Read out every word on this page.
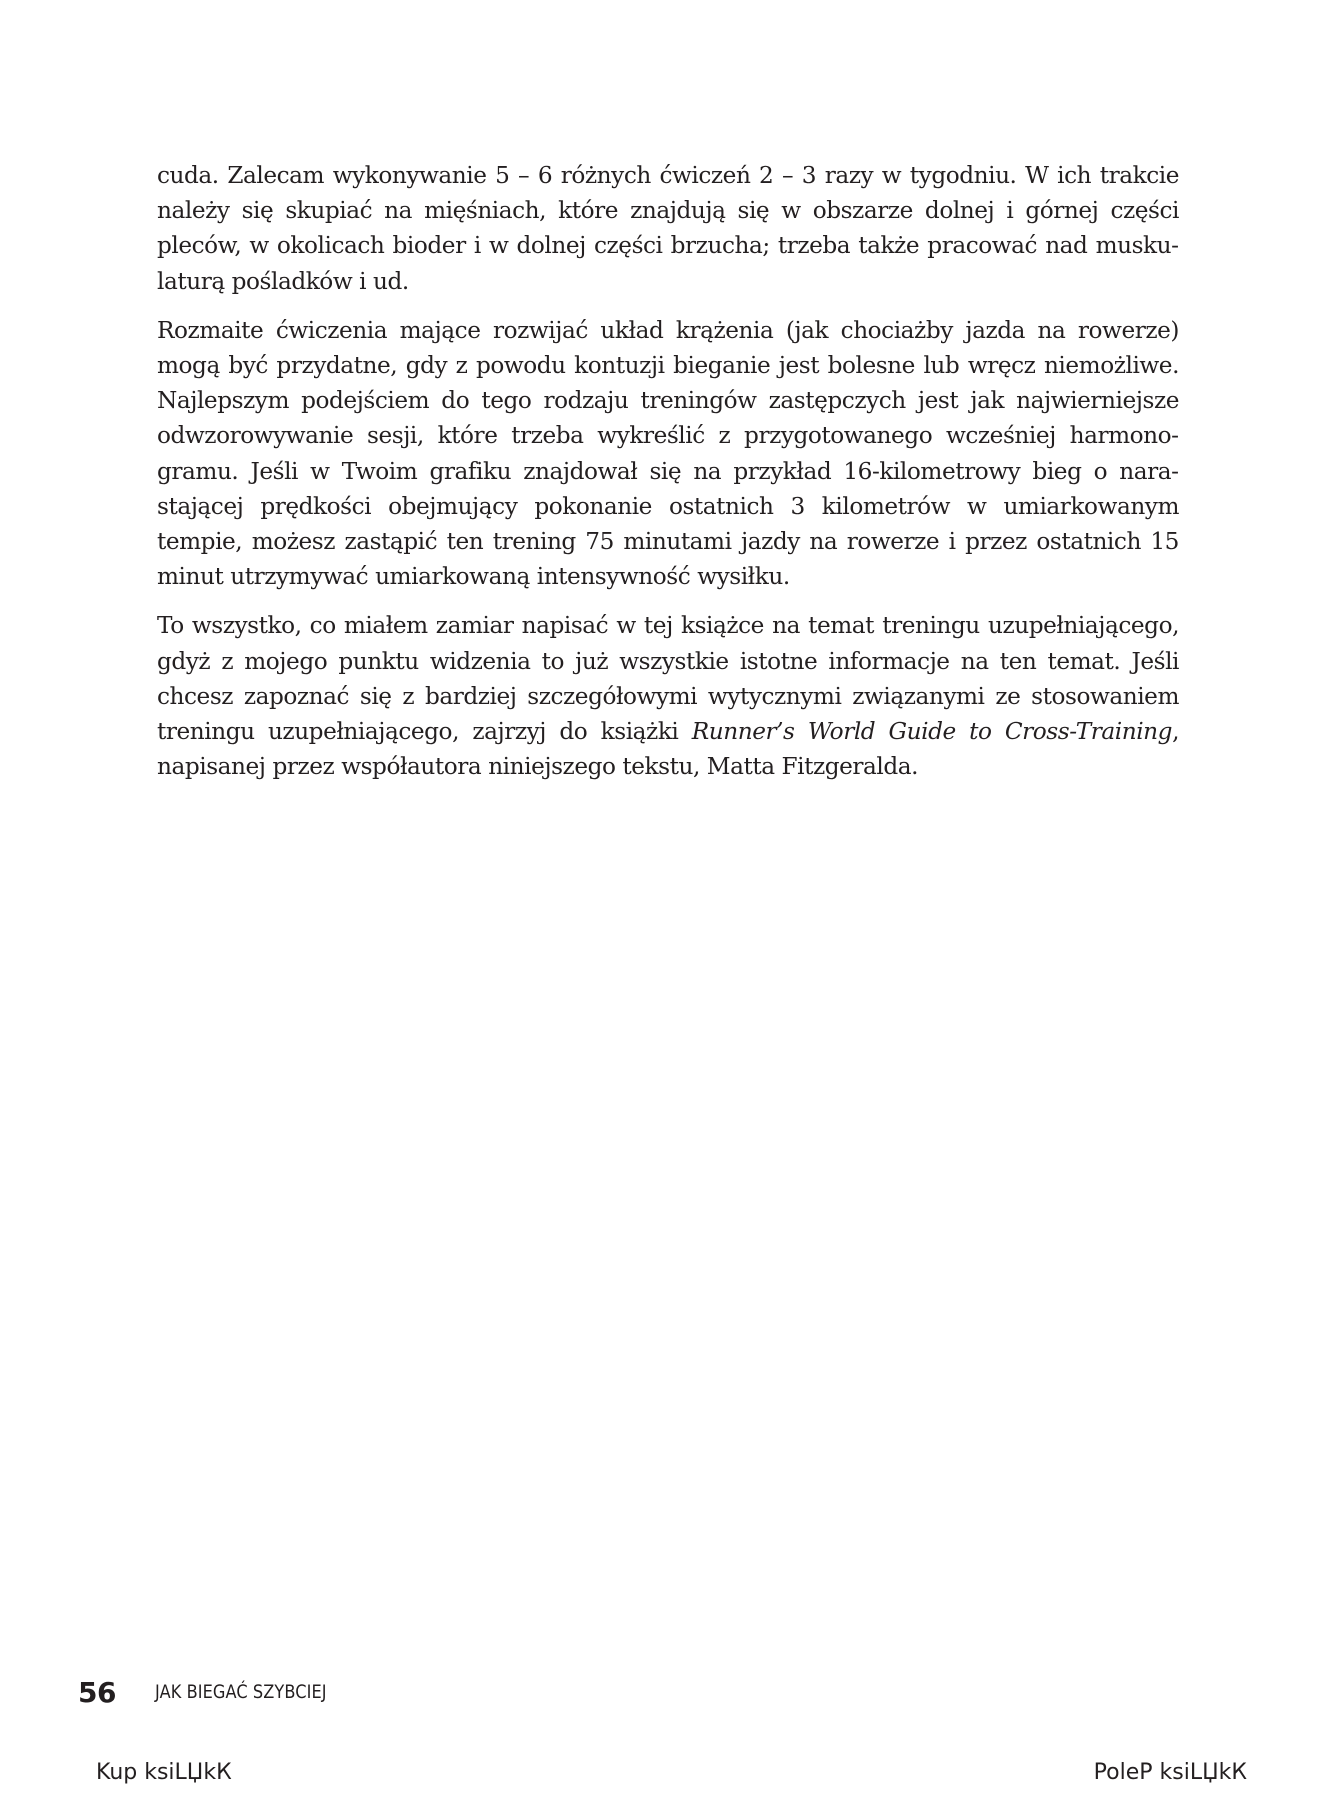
cuda. Zalecam wykonywanie 5 – 6 różnych ćwiczeń 2 – 3 razy w tygodniu. W ich trakcie należy się skupiać na mięśniach, które znajdują się w obszarze dolnej i górnej części pleców, w okolicach bioder i w dolnej części brzucha; trzeba także pracować nad muskulaturą pośladków i ud.

Rozmaite ćwiczenia mające rozwijać układ krążenia (jak chociażby jazda na rowerze) mogą być przydatne, gdy z powodu kontuzji bieganie jest bolesne lub wręcz niemożliwe. Najlepszym podejściem do tego rodzaju treningów zastępczych jest jak najwierniejsze odwzorowywanie sesji, które trzeba wykreślić z przygotowanego wcześniej harmonogramu. Jeśli w Twoim grafiku znajdował się na przykład 16-kilometrowy bieg o narastającej prędkości obejmujący pokonanie ostatnich 3 kilometrów w umiarkowanym tempie, możesz zastąpić ten trening 75 minutami jazdy na rowerze i przez ostatnich 15 minut utrzymywać umiarkowaną intensywność wysiłku.

To wszystko, co miałem zamiar napisać w tej książce na temat treningu uzupełniającego, gdyż z mojego punktu widzenia to już wszystkie istotne informacje na ten temat. Jeśli chcesz zapoznać się z bardziej szczegółowymi wytycznymi związanymi ze stosowaniem treningu uzupełniającego, zajrzyj do książki Runner’s World Guide to Cross-Training, napisanej przez współautora niniejszego tekstu, Matta Fitzgeralda.

56 JAK BIEGAĆ SZYBCIEJ
Kup ksiLЏkК	PoleР ksiLЏkК
